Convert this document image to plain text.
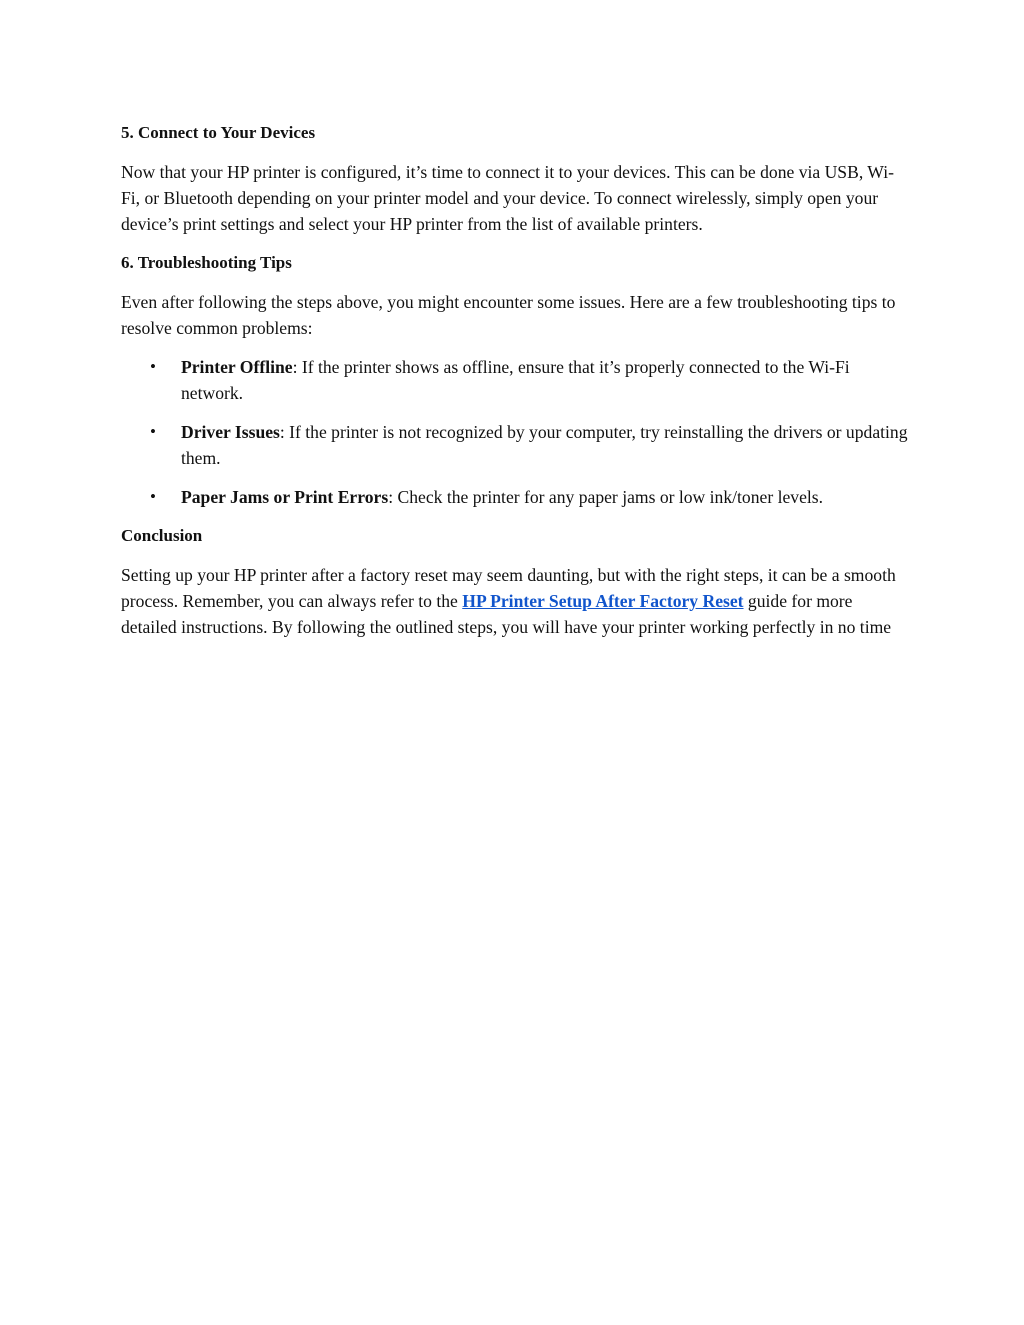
5. Connect to Your Devices

Now that your HP printer is configured, it’s time to connect it to your devices. This can be done via USB, Wi-Fi, or Bluetooth depending on your printer model and your device. To connect wirelessly, simply open your device’s print settings and select your HP printer from the list of available printers.

6. Troubleshooting Tips

Even after following the steps above, you might encounter some issues. Here are a few troubleshooting tips to resolve common problems:

• Printer Offline: If the printer shows as offline, ensure that it’s properly connected to the Wi-Fi network.
• Driver Issues: If the printer is not recognized by your computer, try reinstalling the drivers or updating them.
• Paper Jams or Print Errors: Check the printer for any paper jams or low ink/toner levels.
Conclusion

Setting up your HP printer after a factory reset may seem daunting, but with the right steps, it can be a smooth process. Remember, you can always refer to the HP Printer Setup After Factory Reset guide for more detailed instructions. By following the outlined steps, you will have your printer working perfectly in no time
